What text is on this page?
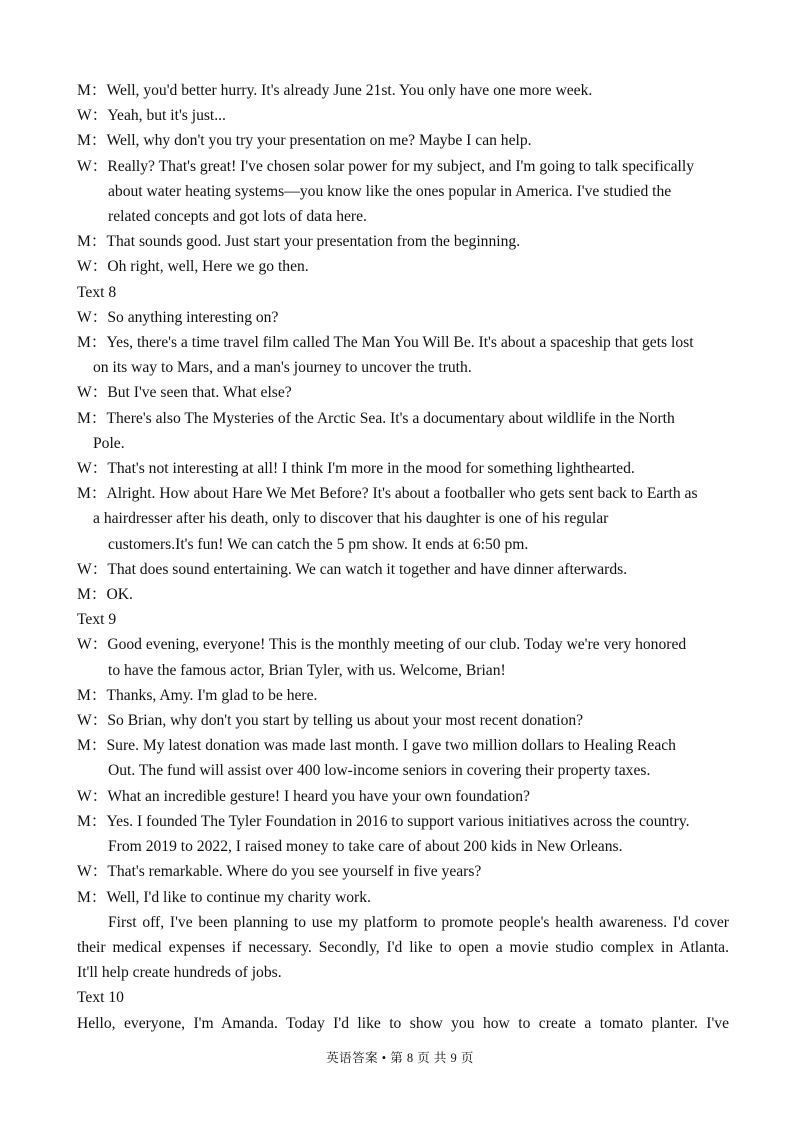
M：Well, you'd better hurry. It's already June 21st. You only have one more week.
W：Yeah, but it's just...
M：Well, why don't you try your presentation on me? Maybe I can help.
W：Really? That's great! I've chosen solar power for my subject, and I'm going to talk specifically
about water heating systems—you know like the ones popular in America. I've studied the
related concepts and got lots of data here.
M：That sounds good. Just start your presentation from the beginning.
W：Oh right, well, Here we go then.
Text 8
W：So anything interesting on?
M：Yes, there's a time travel film called The Man You Will Be. It's about a spaceship that gets lost
on its way to Mars, and a man's journey to uncover the truth.
W：But I've seen that. What else?
M：There's also The Mysteries of the Arctic Sea. It's a documentary about wildlife in the North
Pole.
W：That's not interesting at all! I think I'm more in the mood for something lighthearted.
M：Alright. How about Hare We Met Before? It's about a footballer who gets sent back to Earth as
a hairdresser after his death, only to discover that his daughter is one of his regular
customers.It's fun! We can catch the 5 pm show. It ends at 6:50 pm.
W：That does sound entertaining. We can watch it together and have dinner afterwards.
M：OK.
Text 9
W：Good evening, everyone! This is the monthly meeting of our club. Today we're very honored
to have the famous actor, Brian Tyler, with us. Welcome, Brian!
M：Thanks, Amy. I'm glad to be here.
W：So Brian, why don't you start by telling us about your most recent donation?
M：Sure. My latest donation was made last month. I gave two million dollars to Healing Reach
Out. The fund will assist over 400 low-income seniors in covering their property taxes.
W：What an incredible gesture! I heard you have your own foundation?
M：Yes. I founded The Tyler Foundation in 2016 to support various initiatives across the country.
From 2019 to 2022, I raised money to take care of about 200 kids in New Orleans.
W：That's remarkable. Where do you see yourself in five years?
M：Well, I'd like to continue my charity work.
First off, I've been planning to use my platform to promote people's health awareness. I'd cover
their medical expenses if necessary. Secondly, I'd like to open a movie studio complex in Atlanta.
It'll help create hundreds of jobs.
Text 10
Hello, everyone, I'm Amanda. Today I'd like to show you how to create a tomato planter. I've
英语答案 • 第 8 页 共 9 页
